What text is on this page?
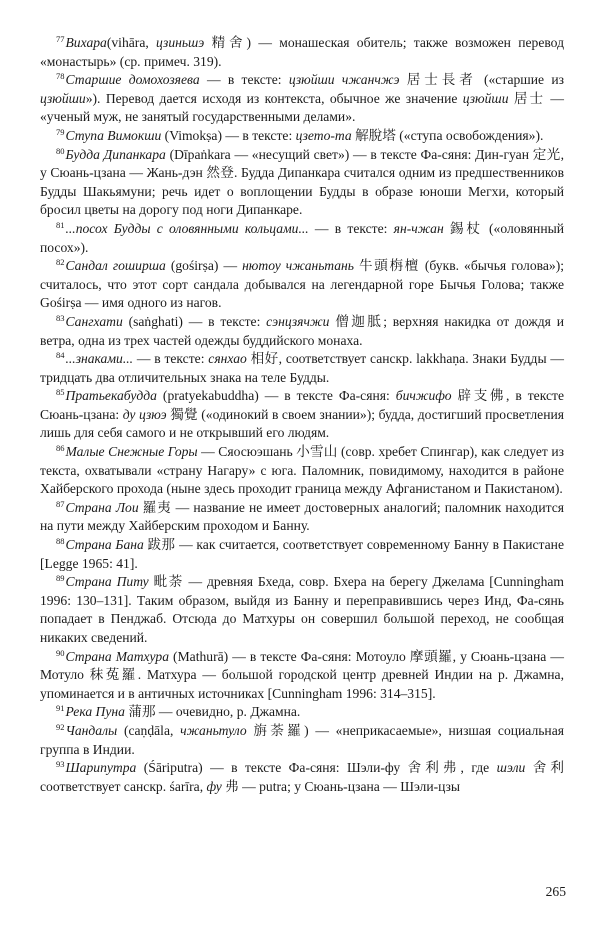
$^{77}$Вихара(vihāra, цзиньшэ 精舍) — монашеская обитель; также возможен перевод «монастырь» (ср. примеч. 319).

$^{78}$Старшие домохозяева — в тексте: цзюйши чжанчжэ 居士長者 («старшие из цзюйши»). Перевод дается исходя из контекста, обычное же значение цзюйши 居士 — «ученый муж, не занятый государственными делами».

$^{79}$Ступа Вимокши (Vimokṣa) — в тексте: цзето-та 解脫塔 («ступа освобождения»).

$^{80}$Будда Дипанкара (Dīpaṅkara — «несущий свет») — в тексте Фа-сяня: Дин-гуан 定光, у Сюань-цзана — Жань-дэн 然登. Будда Дипанкара считался одним из предшественников Будды Шакьямуни; речь идет о воплощении Будды в образе юноши Мегхи, который бросил цветы на дорогу под ноги Дипанкаре.

$^{81}$...посох Будды с оловянными кольцами... — в тексте: ян-чжан 錫杖 («оловянный посох»).

$^{82}$Сандал гоширша (gośirṣa) — нютоу чжаньтань 牛頭栴檀 (букв. «бычья голова»); считалось, что этот сорт сандала добывался на легендарной горе Бычья Голова; также Gośirṣa — имя одного из нагов.

$^{83}$Сангхати (saṅghati) — в тексте: сэнцзячжи 僧迦胝; верхняя накидка от дождя и ветра, одна из трех частей одежды буддийского монаха.

$^{84}$...знаками... — в тексте: сянхао 相好, соответствует санскр. lakkhaṇa. Знаки Будды — тридцать два отличительных знака на теле Будды.

$^{85}$Пратьекабудда (pratyekabuddha) — в тексте Фа-сяня: бичжифо 辟支佛, в тексте Сюань-цзана: ду цзюэ 獨覺 («одинокий в своем знании»); будда, достигший просветления лишь для себя самого и не открывший его людям.

$^{86}$Малые Снежные Горы — Сяосюэшань 小雪山 (совр. хребет Спингар), как следует из текста, охватывали «страну Нагару» с юга. Паломник, повидимому, находится в районе Хайберского прохода (ныне здесь проходит граница между Афганистаном и Пакистаном).

$^{87}$Страна Лои 羅夷 — название не имеет достоверных аналогий; паломник находится на пути между Хайберским проходом и Банну.

$^{88}$Страна Бана 跋那 — как считается, соответствует современному Банну в Пакистане [Legge 1965: 41].

$^{89}$Страна Питу 毗荼 — древняя Бхеда, совр. Бхера на берегу Джелама [Cunningham 1996: 130–131]. Таким образом, выйдя из Банну и переправившись через Инд, Фа-сянь попадает в Пенджаб. Отсюда до Матхуры он совершил большой переход, не сообщая никаких сведений.

$^{90}$Страна Матхура (Mathurā) — в тексте Фа-сяня: Мотоуло 摩頭羅, у Сюань-цзана — Мотуло 秣菟羅. Матхура — большой городской центр древней Индии на р. Джамна, упоминается и в античных источниках [Cunningham 1996: 314–315].

$^{91}$Река Пуна 蒲那 — очевидно, р. Джамна.

$^{92}$Чандалы (caṇḍāla, чжаньтуло 旃荼羅) — «неприкасаемые», низшая социальная группа в Индии.

$^{93}$Шарипутра (Śāriputra) — в тексте Фа-сяня: Шэли-фу 舍利弗, где шэли 舍利 соответствует санскр. śarīra, фу 弗 — putra; у Сюань-цзана — Шэли-цзы

265
